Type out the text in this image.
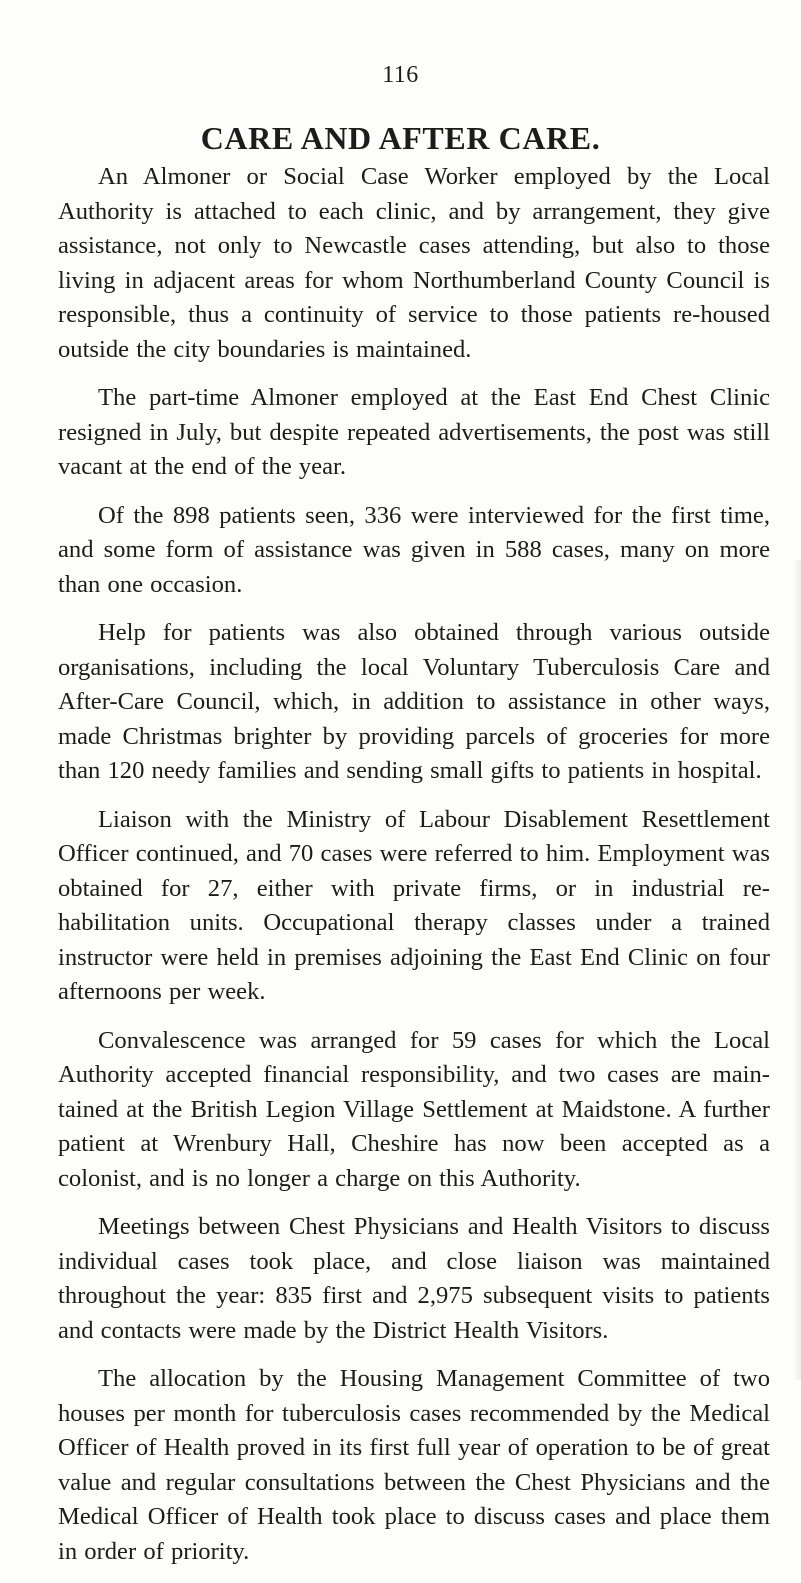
116
CARE AND AFTER CARE.

An Almoner or Social Case Worker employed by the Local Authority is attached to each clinic, and by arrangement, they give assistance, not only to Newcastle cases attending, but also to those living in adjacent areas for whom Northumberland County Council is responsible, thus a continuity of service to those patients re-housed outside the city boundaries is maintained.

The part-time Almoner employed at the East End Chest Clinic resigned in July, but despite repeated advertisements, the post was still vacant at the end of the year.

Of the 898 patients seen, 336 were interviewed for the first time, and some form of assistance was given in 588 cases, many on more than one occasion.

Help for patients was also obtained through various outside organisations, including the local Voluntary Tuberculosis Care and After-Care Council, which, in addition to assistance in other ways, made Christmas brighter by providing parcels of groceries for more than 120 needy families and sending small gifts to patients in hospital.

Liaison with the Ministry of Labour Disablement Resettlement Officer continued, and 70 cases were referred to him. Employment was obtained for 27, either with private firms, or in industrial re-habilitation units. Occupational therapy classes under a trained instructor were held in premises adjoining the East End Clinic on four afternoons per week.

Convalescence was arranged for 59 cases for which the Local Authority accepted financial responsibility, and two cases are main-tained at the British Legion Village Settlement at Maidstone. A further patient at Wrenbury Hall, Cheshire has now been accepted as a colonist, and is no longer a charge on this Authority.

Meetings between Chest Physicians and Health Visitors to discuss individual cases took place, and close liaison was maintained throughout the year: 835 first and 2,975 subsequent visits to patients and contacts were made by the District Health Visitors.

The allocation by the Housing Management Committee of two houses per month for tuberculosis cases recommended by the Medical Officer of Health proved in its first full year of operation to be of great value and regular consultations between the Chest Physicians and the Medical Officer of Health took place to discuss cases and place them in order of priority.
